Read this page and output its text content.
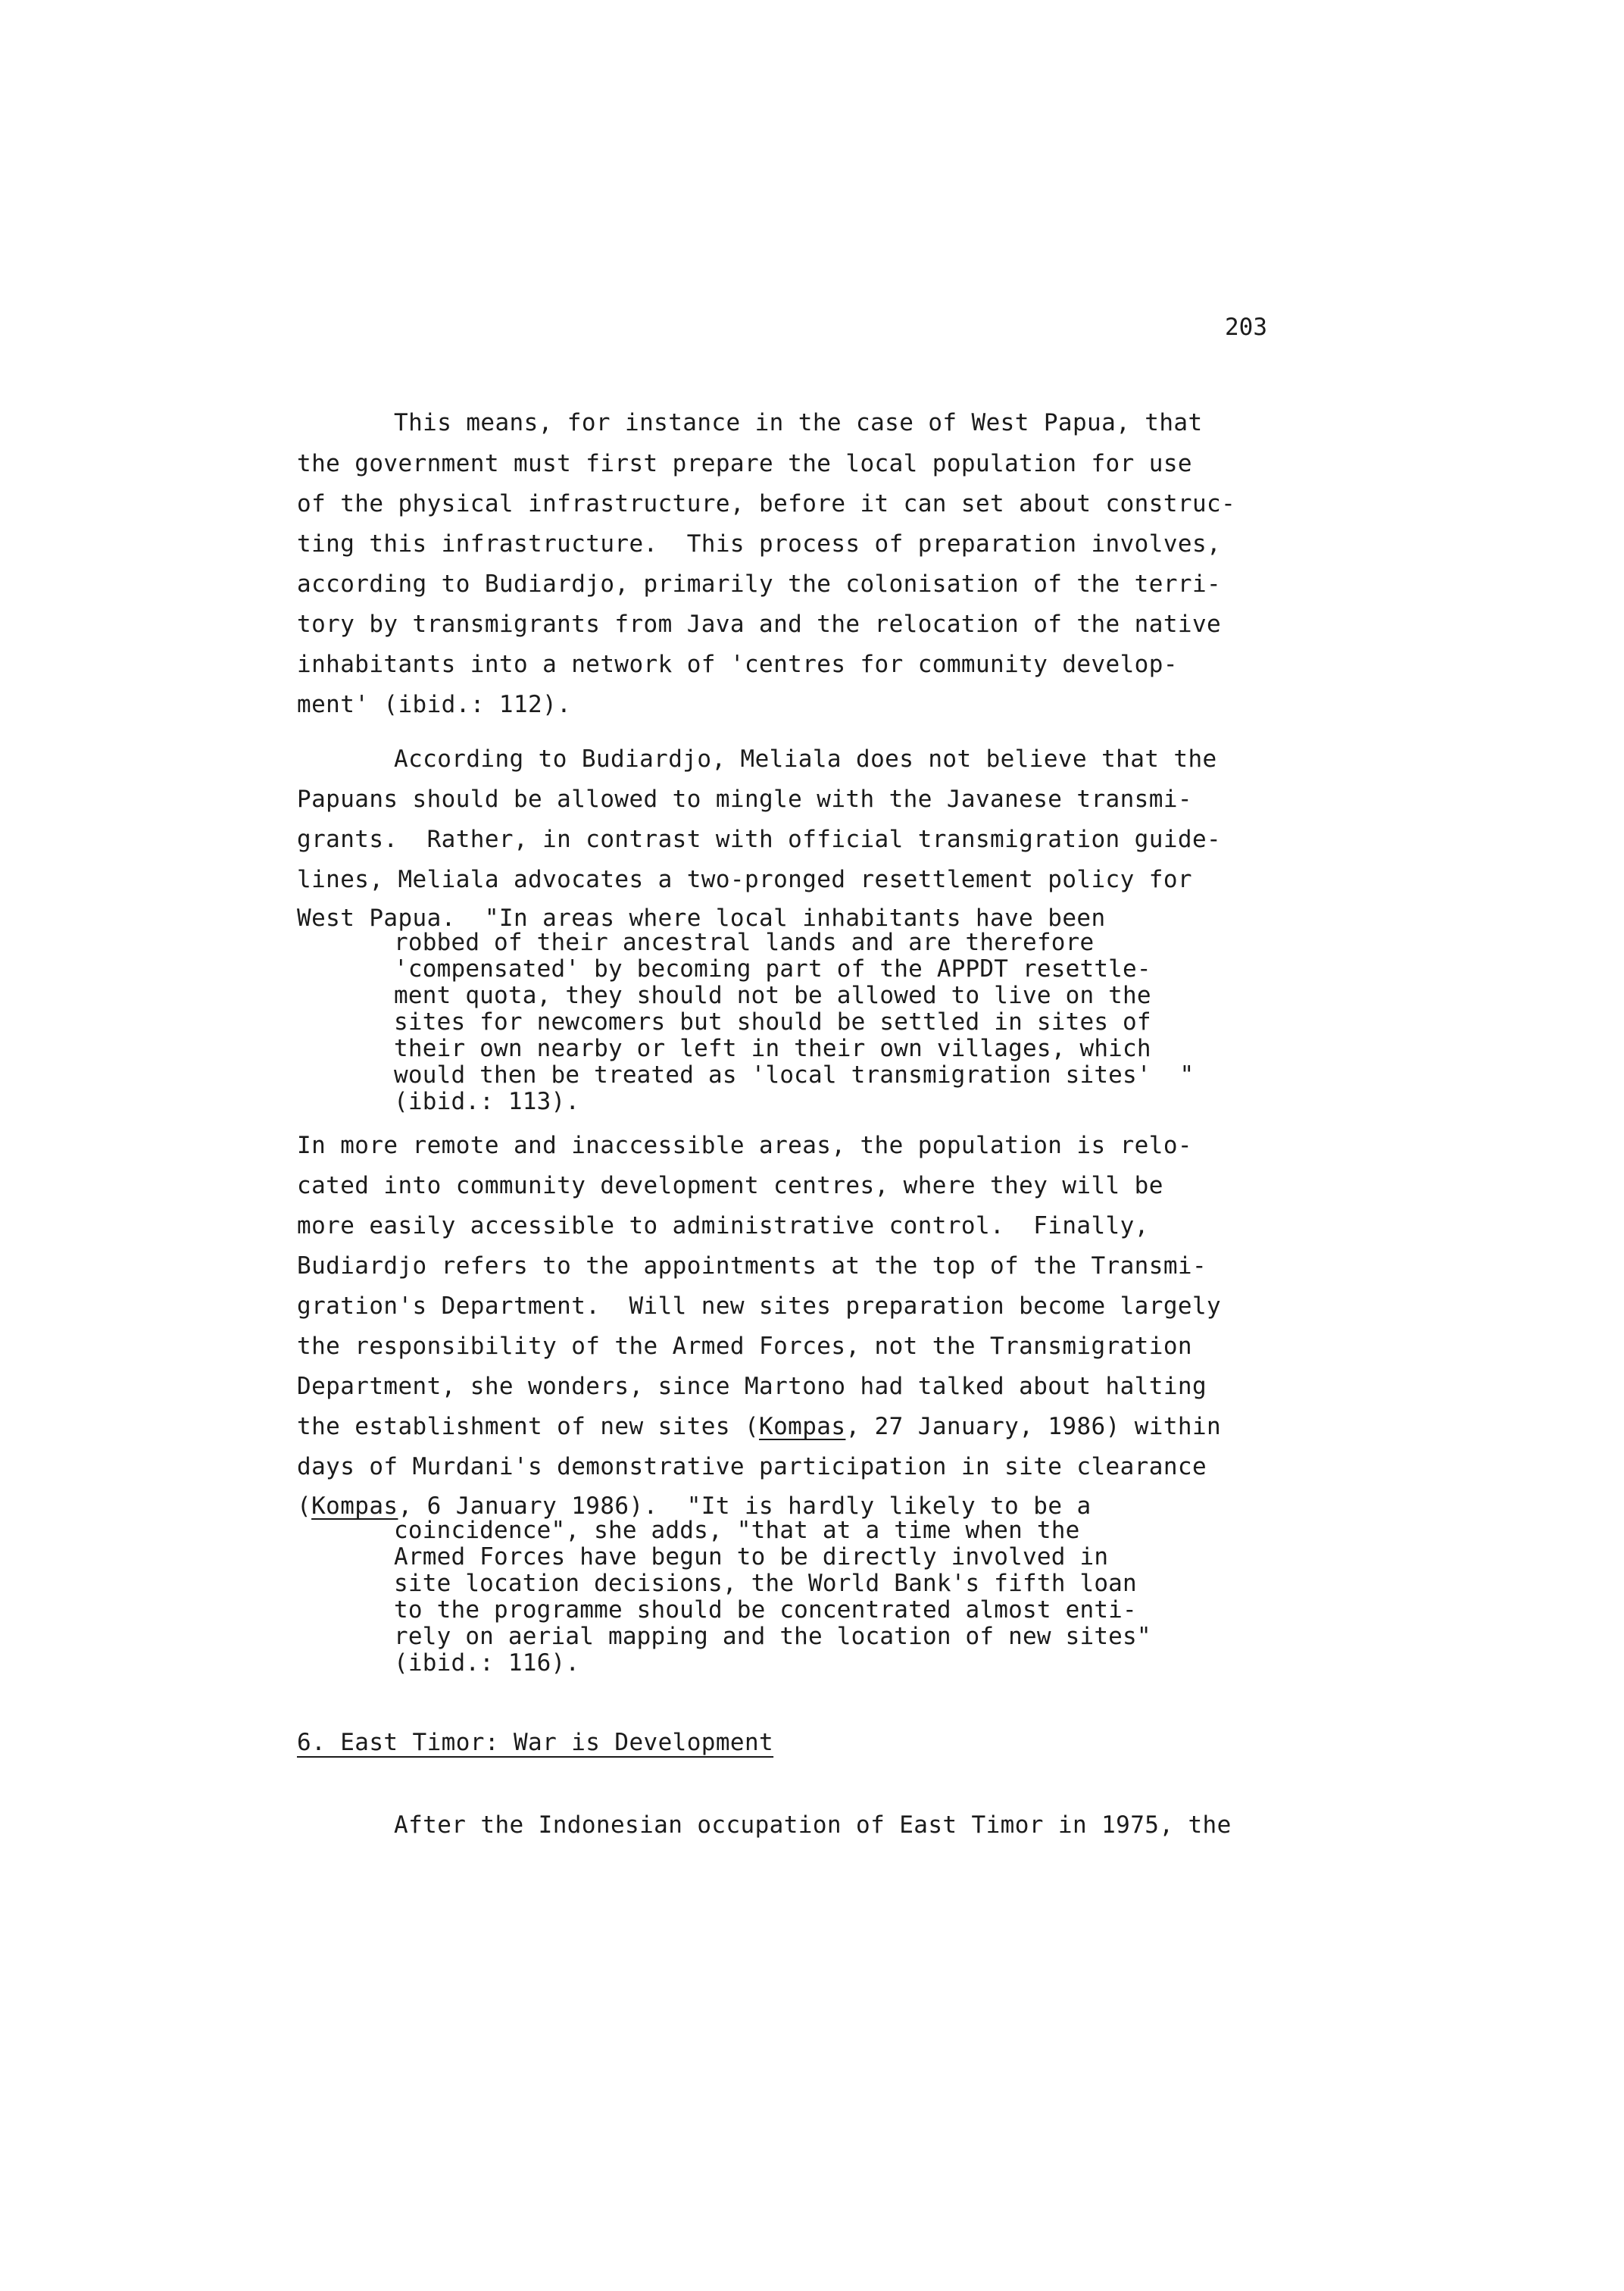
203
This means, for instance in the case of West Papua, that
the government must first prepare the local population for use
of the physical infrastructure, before it can set about construc-
ting this infrastructure.  This process of preparation involves,
according to Budiardjo, primarily the colonisation of the terri-
tory by transmigrants from Java and the relocation of the native
inhabitants into a network of 'centres for community develop-
ment' (ibid.: 112).
According to Budiardjo, Meliala does not believe that the
Papuans should be allowed to mingle with the Javanese transmi-
grants.  Rather, in contrast with official transmigration guide-
lines, Meliala advocates a two-pronged resettlement policy for
West Papua.  "In areas where local inhabitants have been
robbed of their ancestral lands and are therefore
'compensated' by becoming part of the APPDT resettle-
ment quota, they should not be allowed to live on the
sites for newcomers but should be settled in sites of
their own nearby or left in their own villages, which
would then be treated as 'local transmigration sites'  "
(ibid.: 113).
In more remote and inaccessible areas, the population is relo-
cated into community development centres, where they will be
more easily accessible to administrative control.  Finally,
Budiardjo refers to the appointments at the top of the Transmi-
gration's Department.  Will new sites preparation become largely
the responsibility of the Armed Forces, not the Transmigration
Department, she wonders, since Martono had talked about halting
the establishment of new sites (Kompas, 27 January, 1986) within
days of Murdani's demonstrative participation in site clearance
(Kompas, 6 January 1986).  "It is hardly likely to be a
coincidence", she adds, "that at a time when the
Armed Forces have begun to be directly involved in
site location decisions, the World Bank's fifth loan
to the programme should be concentrated almost enti-
rely on aerial mapping and the location of new sites"
(ibid.: 116).
6. East Timor: War is Development
After the Indonesian occupation of East Timor in 1975, the
